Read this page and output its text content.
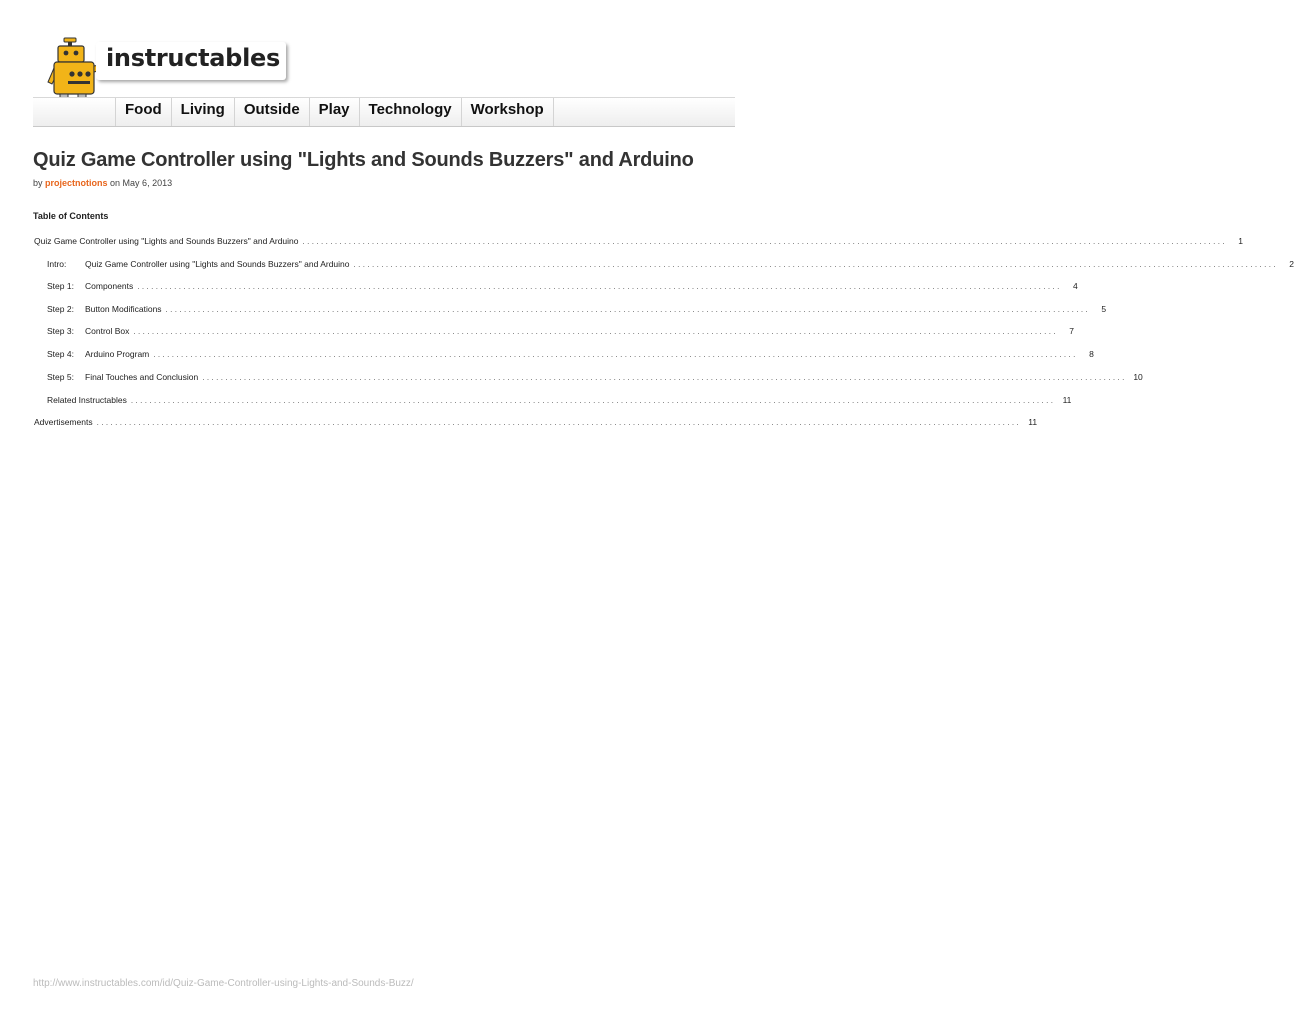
instructables
Food	Living	Outside	Play	Technology	Workshop
Quiz Game Controller using "Lights and Sounds Buzzers" and Arduino
by projectnotions on May 6, 2013
Table of Contents
Quiz Game Controller using "Lights and Sounds Buzzers" and Arduino ........................................................................................................................................................................................................	1
Intro: Quiz Game Controller using "Lights and Sounds Buzzers" and Arduino ........................................................................................................................................................................................................	2
Step 1: Components ........................................................................................................................................................................................................	4
Step 2: Button Modifications ........................................................................................................................................................................................................	5
Step 3: Control Box ........................................................................................................................................................................................................	7
Step 4: Arduino Program ........................................................................................................................................................................................................	8
Step 5: Final Touches and Conclusion ........................................................................................................................................................................................................ 10
Related Instructables ........................................................................................................................................................................................................ 11
Advertisements ........................................................................................................................................................................................................ 11
http://www.instructables.com/id/Quiz-Game-Controller-using-Lights-and-Sounds-Buzz/
